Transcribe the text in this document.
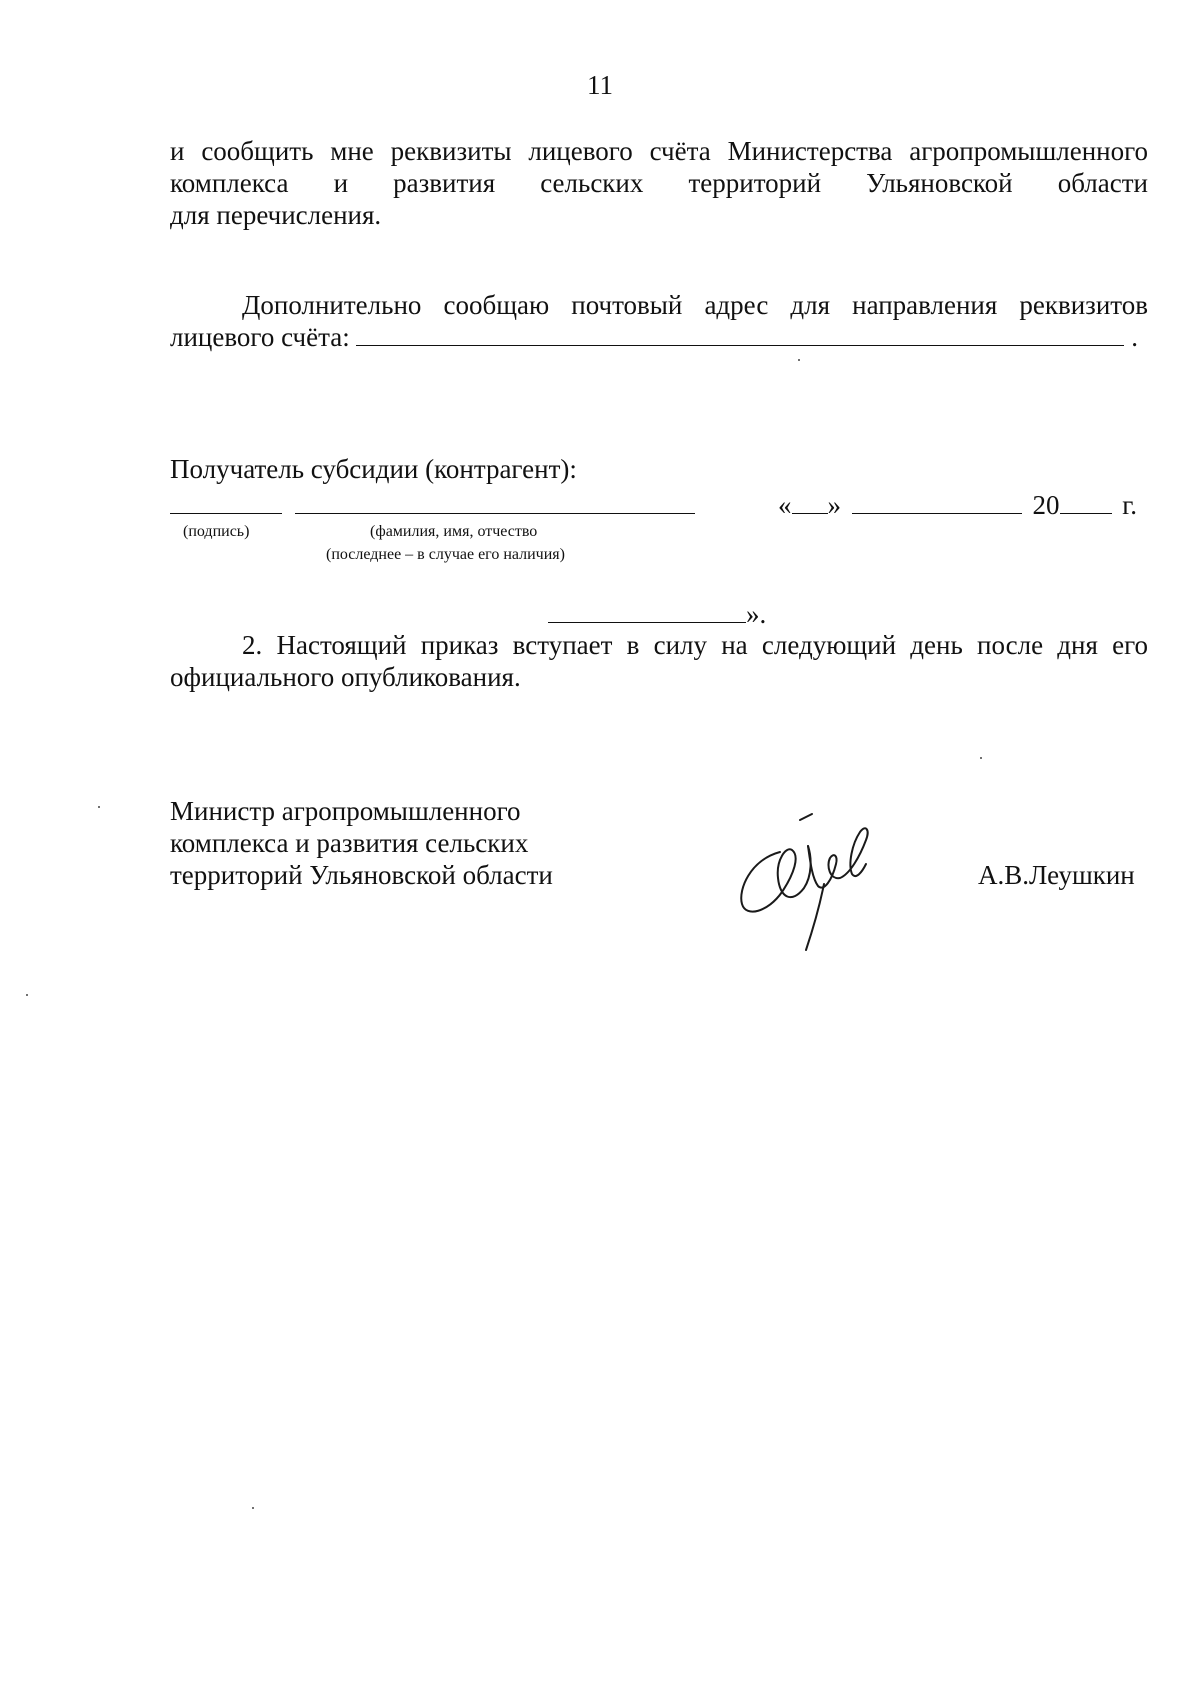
11
и сообщить мне реквизиты лицевого счёта Министерства агропромышленного
комплекса и развития сельских территорий Ульяновской области
для перечисления.
Дополнительно сообщаю почтовый адрес для направления реквизитов
лицевого счёта:	.
Получатель субсидии (контрагент):

« »	20 г.
(подпись)	(фамилия, имя, отчество
(последнее – в случае его наличия)
».
2. Настоящий приказ вступает в силу на следующий день после дня его
официального опубликования.
Министр агропромышленного
комплекса и развития сельских
территорий Ульяновской области	А.В.Леушкин
